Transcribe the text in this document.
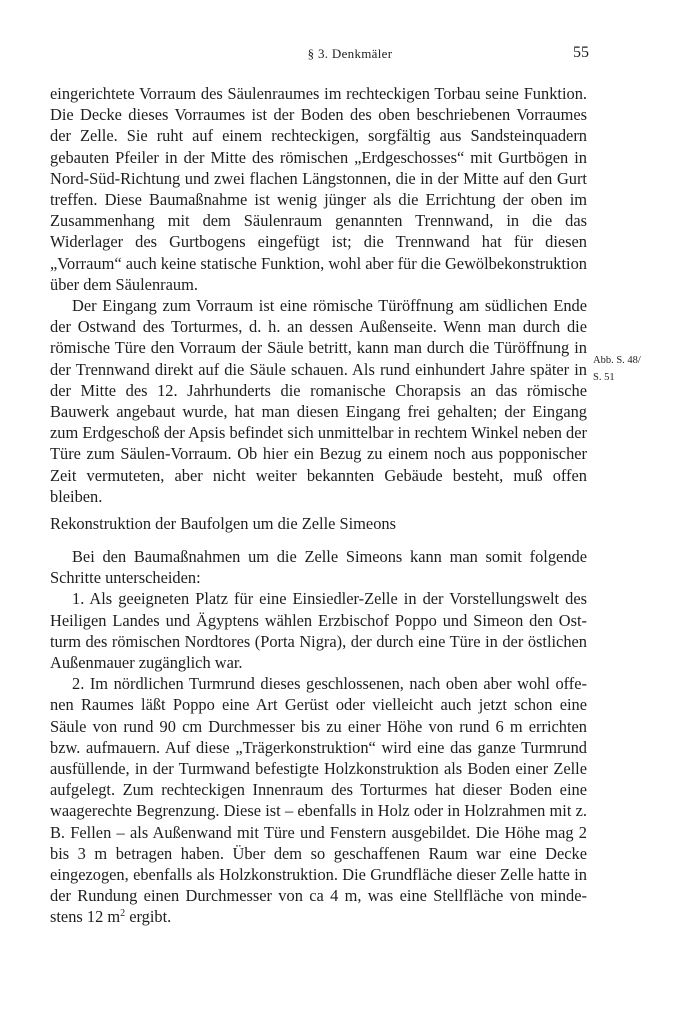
§ 3. Denkmäler	55

eingerichtete Vorraum des Säulenraumes im rechteckigen Torbau seine Funktion. Die Decke dieses Vorraumes ist der Boden des oben beschriebenen Vorraumes der Zelle. Sie ruht auf einem rechteckigen, sorgfältig aus Sandsteinquadern gebauten Pfeiler in der Mitte des römischen „Erdgeschosses“ mit Gurtbögen in Nord-Süd-Richtung und zwei flachen Längstonnen, die in der Mitte auf den Gurt treffen. Diese Baumaßnahme ist wenig jünger als die Errichtung der oben im Zusammenhang mit dem Säulenraum genannten Trennwand, in die das Widerlager des Gurtbogens eingefügt ist; die Trennwand hat für diesen „Vorraum“ auch keine statische Funktion, wohl aber für die Gewölbekonstruktion über dem Säulenraum.

Der Eingang zum Vorraum ist eine römische Türöffnung am südlichen Ende der Ostwand des Torturmes, d. h. an dessen Außenseite. Wenn man durch die römische Türe den Vorraum der Säule betritt, kann man durch die Türöffnung in der Trennwand direkt auf die Säule schauen. Als rund einhundert Jahre später in der Mitte des 12. Jahrhunderts die romanische Chorapsis an das römische Bauwerk angebaut wurde, hat man diesen Eingang frei gehalten; der Eingang zum Erdgeschoß der Apsis befindet sich unmittelbar in rechtem Winkel neben der Türe zum Säulen-Vorraum. Ob hier ein Bezug zu einem noch aus popponischer Zeit vermuteten, aber nicht weiter bekannten Gebäude besteht, muß offen bleiben.

Abb. S. 48/
S. 51
Rekonstruktion der Baufolgen um die Zelle Simeons

Bei den Baumaßnahmen um die Zelle Simeons kann man somit folgende Schritte unterscheiden:

1. Als geeigneten Platz für eine Einsiedler-Zelle in der Vorstellungswelt des Heiligen Landes und Ägyptens wählen Erzbischof Poppo und Simeon den Ostturm des römischen Nordtores (Porta Nigra), der durch eine Türe in der östlichen Außenmauer zugänglich war.

2. Im nördlichen Turmrund dieses geschlossenen, nach oben aber wohl offenen Raumes läßt Poppo eine Art Gerüst oder vielleicht auch jetzt schon eine Säule von rund 90 cm Durchmesser bis zu einer Höhe von rund 6 m errichten bzw. aufmauern. Auf diese „Trägerkonstruktion“ wird eine das ganze Turmrund ausfüllende, in der Turmwand befestigte Holzkonstruktion als Boden einer Zelle aufgelegt. Zum rechteckigen Innenraum des Torturmes hat dieser Boden eine waagerechte Begrenzung. Diese ist – ebenfalls in Holz oder in Holzrahmen mit z. B. Fellen – als Außenwand mit Türe und Fenstern ausgebildet. Die Höhe mag 2 bis 3 m betragen haben. Über dem so geschaffenen Raum war eine Decke eingezogen, ebenfalls als Holzkonstruktion. Die Grundfläche dieser Zelle hatte in der Rundung einen Durchmesser von ca 4 m, was eine Stellfläche von mindestens 12 $m^2$ ergibt.
